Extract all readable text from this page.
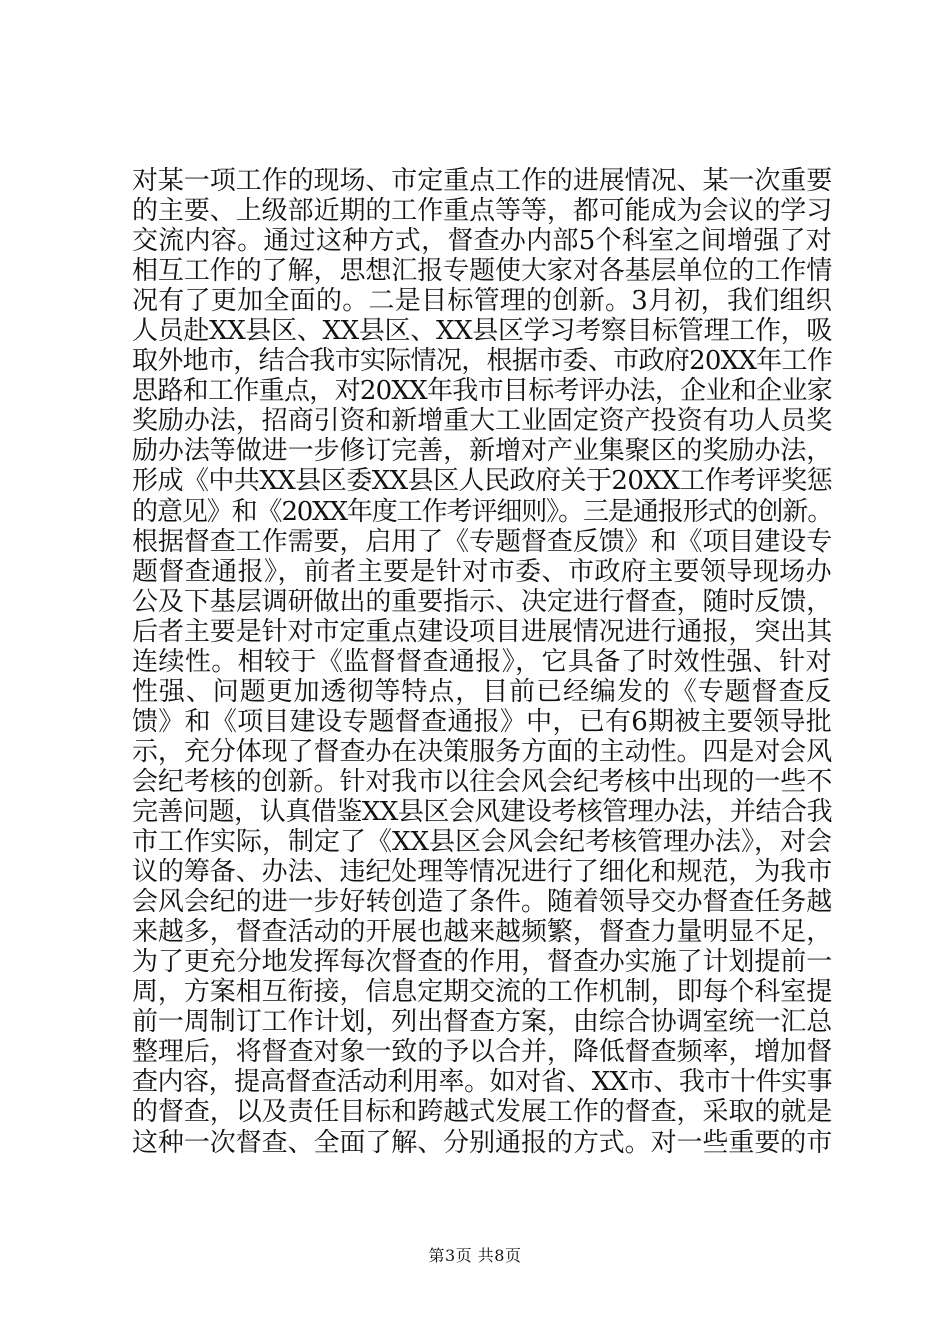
对某一项工作的现场、市定重点工作的进展情况、某一次重要
的主要、上级部近期的工作重点等等，都可能成为会议的学习
交流内容。通过这种方式，督查办内部5个科室之间增强了对
相互工作的了解，思想汇报专题使大家对各基层单位的工作情
况有了更加全面的。二是目标管理的创新。3月初，我们组织
人员赴XX县区、XX县区、XX县区学习考察目标管理工作，吸
取外地市，结合我市实际情况，根据市委、市政府20XX年工作
思路和工作重点，对20XX年我市目标考评办法，企业和企业家
奖励办法，招商引资和新增重大工业固定资产投资有功人员奖
励办法等做进一步修订完善，新增对产业集聚区的奖励办法，
形成《中共XX县区委XX县区人民政府关于20XX工作考评奖惩
的意见》和《20XX年度工作考评细则》。三是通报形式的创新。
根据督查工作需要，启用了《专题督查反馈》和《项目建设专
题督查通报》，前者主要是针对市委、市政府主要领导现场办
公及下基层调研做出的重要指示、决定进行督查，随时反馈，
后者主要是针对市定重点建设项目进展情况进行通报，突出其
连续性。相较于《监督督查通报》，它具备了时效性强、针对
性强、问题更加透彻等特点，目前已经编发的《专题督查反
馈》和《项目建设专题督查通报》中，已有6期被主要领导批
示，充分体现了督查办在决策服务方面的主动性。四是对会风
会纪考核的创新。针对我市以往会风会纪考核中出现的一些不
完善问题，认真借鉴XX县区会风建设考核管理办法，并结合我
市工作实际，制定了《XX县区会风会纪考核管理办法》，对会
议的筹备、办法、违纪处理等情况进行了细化和规范，为我市
会风会纪的进一步好转创造了条件。随着领导交办督查任务越
来越多，督查活动的开展也越来越频繁，督查力量明显不足，
为了更充分地发挥每次督查的作用，督查办实施了计划提前一
周，方案相互衔接，信息定期交流的工作机制，即每个科室提
前一周制订工作计划，列出督查方案，由综合协调室统一汇总
整理后，将督查对象一致的予以合并，降低督查频率，增加督
查内容，提高督查活动利用率。如对省、XX市、我市十件实事
的督查，以及责任目标和跨越式发展工作的督查，采取的就是
这种一次督查、全面了解、分别通报的方式。对一些重要的市
第3页 共8页
